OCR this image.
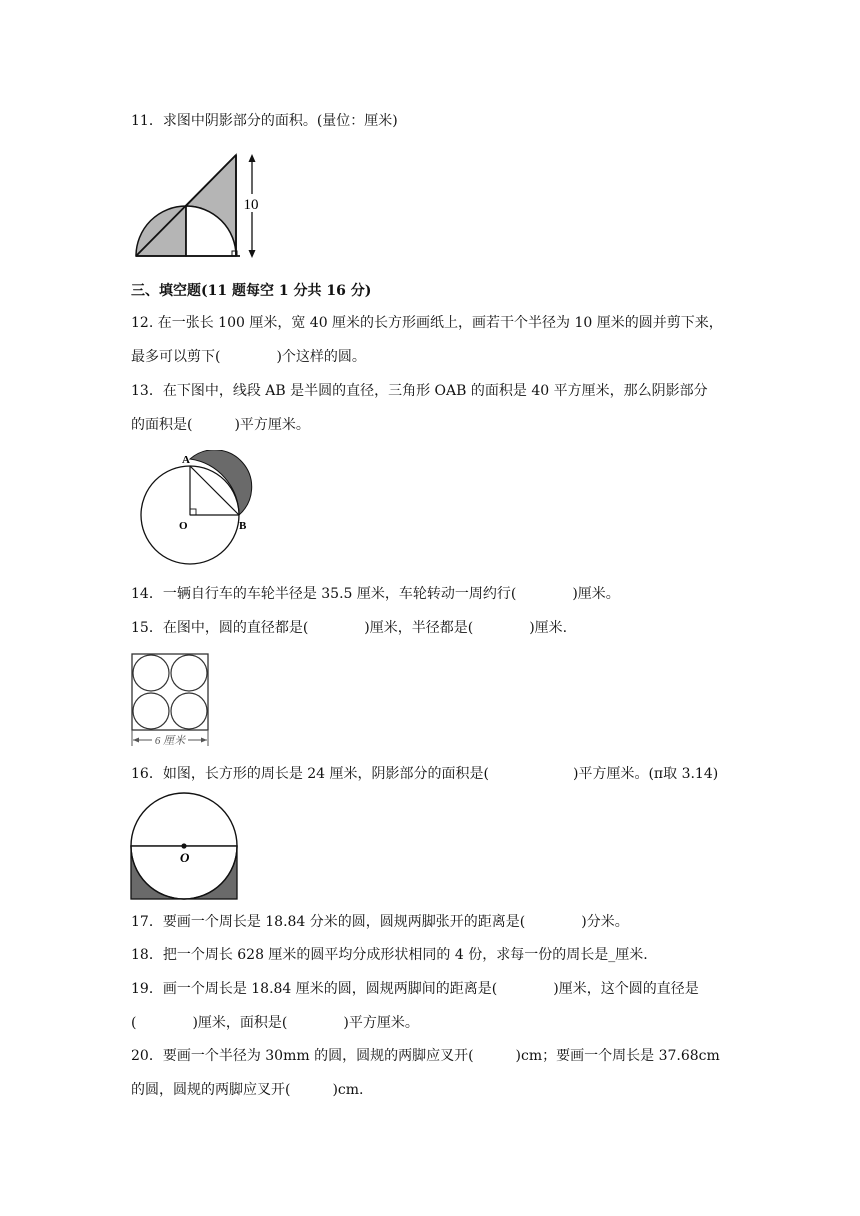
11．求图中阴影部分的面积。(量位：厘米)
10
三、填空题(11 题每空 1 分共 16 分)
12. 在一张长 100 厘米，宽 40 厘米的长方形画纸上，画若干个半径为 10 厘米的圆并剪下来，
最多可以剪下(　　　　)个这样的圆。
13．在下图中，线段 AB 是半圆的直径，三角形 OAB 的面积是 40 平方厘米，那么阴影部分
的面积是(　　　)平方厘米。
A
O	B
14．一辆自行车的车轮半径是 35.5 厘米，车轮转动一周约行(　　　　)厘米。
15．在图中，圆的直径都是(　　　　)厘米，半径都是(　　　　)厘米.
6 厘米
16．如图，长方形的周长是 24 厘米，阴影部分的面积是(　　　　　　)平方厘米。(π取 3.14)
O
17．要画一个周长是 18.84 分米的圆，圆规两脚张开的距离是(　　　　)分米。
18．把一个周长 628 厘米的圆平均分成形状相同的 4 份，求每一份的周长是_厘米.
19．画一个周长是 18.84 厘米的圆，圆规两脚间的距离是(　　　　)厘米，这个圆的直径是
(　　　　)厘米，面积是(　　　　)平方厘米。
20．要画一个半径为 30mm 的圆，圆规的两脚应叉开(　　　)cm；要画一个周长是 37.68cm
的圆，圆规的两脚应叉开(　　　)cm.
